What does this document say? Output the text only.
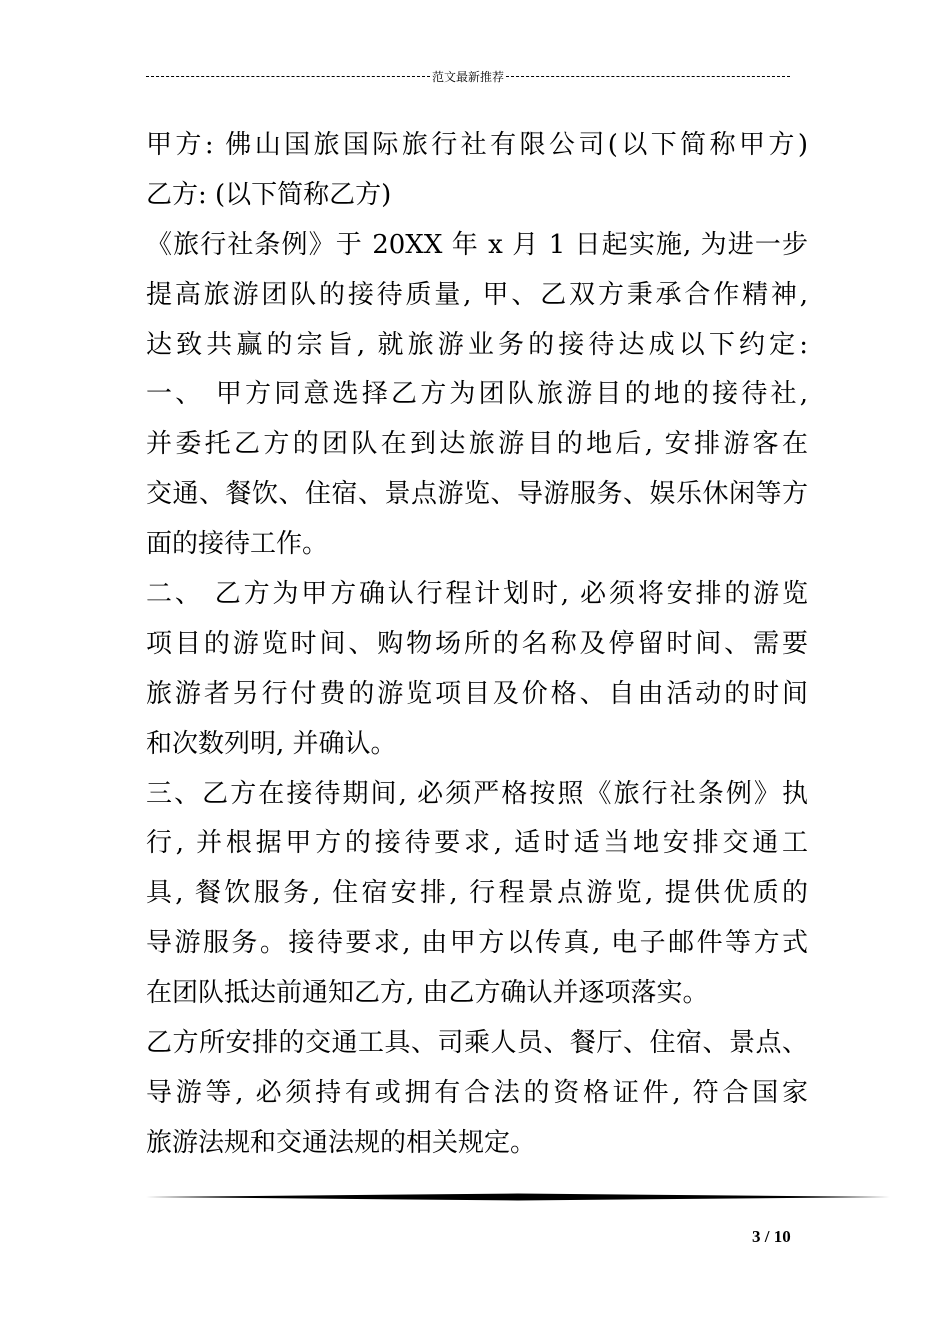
范文最新推荐
甲方: 佛山国旅国际旅行社有限公司(以下简称甲方)
乙方: (以下简称乙方)
《旅行社条例》于 20XX 年 x 月 1 日起实施, 为进一步
提高旅游团队的接待质量, 甲、乙双方秉承合作精神,
达致共赢的宗旨, 就旅游业务的接待达成以下约定:
一、 甲方同意选择乙方为团队旅游目的地的接待社,
并委托乙方的团队在到达旅游目的地后, 安排游客在
交通、餐饮、住宿、景点游览、导游服务、娱乐休闲等方
面的接待工作。
二、 乙方为甲方确认行程计划时, 必须将安排的游览
项目的游览时间、购物场所的名称及停留时间、需要
旅游者另行付费的游览项目及价格、自由活动的时间
和次数列明, 并确认。
三、乙方在接待期间, 必须严格按照《旅行社条例》执
行, 并根据甲方的接待要求, 适时适当地安排交通工
具, 餐饮服务, 住宿安排, 行程景点游览, 提供优质的
导游服务。接待要求, 由甲方以传真, 电子邮件等方式
在团队抵达前通知乙方, 由乙方确认并逐项落实。
乙方所安排的交通工具、司乘人员、餐厅、住宿、景点、
导游等, 必须持有或拥有合法的资格证件, 符合国家
旅游法规和交通法规的相关规定。
3 / 10
